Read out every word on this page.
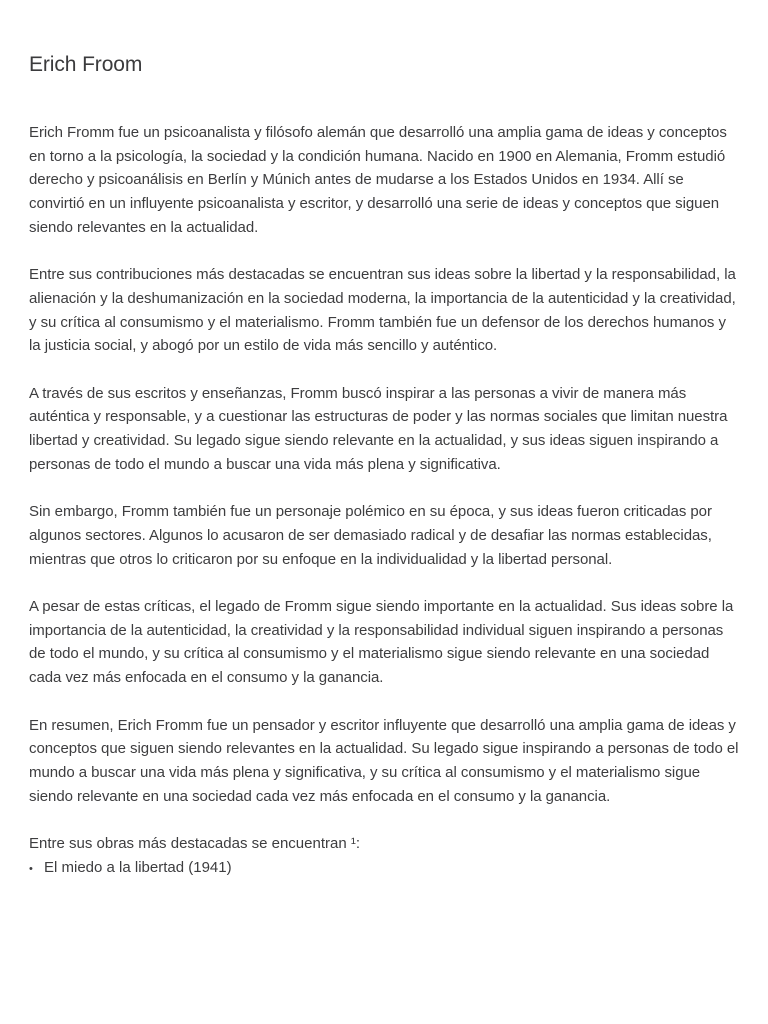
Erich Froom

Erich Fromm fue un psicoanalista y filósofo alemán que desarrolló una amplia gama de ideas y conceptos en torno a la psicología, la sociedad y la condición humana. Nacido en 1900 en Alemania, Fromm estudió derecho y psicoanálisis en Berlín y Múnich antes de mudarse a los Estados Unidos en 1934. Allí se convirtió en un influyente psicoanalista y escritor, y desarrolló una serie de ideas y conceptos que siguen siendo relevantes en la actualidad.

Entre sus contribuciones más destacadas se encuentran sus ideas sobre la libertad y la responsabilidad, la alienación y la deshumanización en la sociedad moderna, la importancia de la autenticidad y la creatividad, y su crítica al consumismo y el materialismo. Fromm también fue un defensor de los derechos humanos y la justicia social, y abogó por un estilo de vida más sencillo y auténtico.

A través de sus escritos y enseñanzas, Fromm buscó inspirar a las personas a vivir de manera más auténtica y responsable, y a cuestionar las estructuras de poder y las normas sociales que limitan nuestra libertad y creatividad. Su legado sigue siendo relevante en la actualidad, y sus ideas siguen inspirando a personas de todo el mundo a buscar una vida más plena y significativa.

Sin embargo, Fromm también fue un personaje polémico en su época, y sus ideas fueron criticadas por algunos sectores. Algunos lo acusaron de ser demasiado radical y de desafiar las normas establecidas, mientras que otros lo criticaron por su enfoque en la individualidad y la libertad personal.

A pesar de estas críticas, el legado de Fromm sigue siendo importante en la actualidad. Sus ideas sobre la importancia de la autenticidad, la creatividad y la responsabilidad individual siguen inspirando a personas de todo el mundo, y su crítica al consumismo y el materialismo sigue siendo relevante en una sociedad cada vez más enfocada en el consumo y la ganancia.

En resumen, Erich Fromm fue un pensador y escritor influyente que desarrolló una amplia gama de ideas y conceptos que siguen siendo relevantes en la actualidad. Su legado sigue inspirando a personas de todo el mundo a buscar una vida más plena y significativa, y su crítica al consumismo y el materialismo sigue siendo relevante en una sociedad cada vez más enfocada en el consumo y la ganancia.

Entre sus obras más destacadas se encuentran ¹:

• El miedo a la libertad (1941)
